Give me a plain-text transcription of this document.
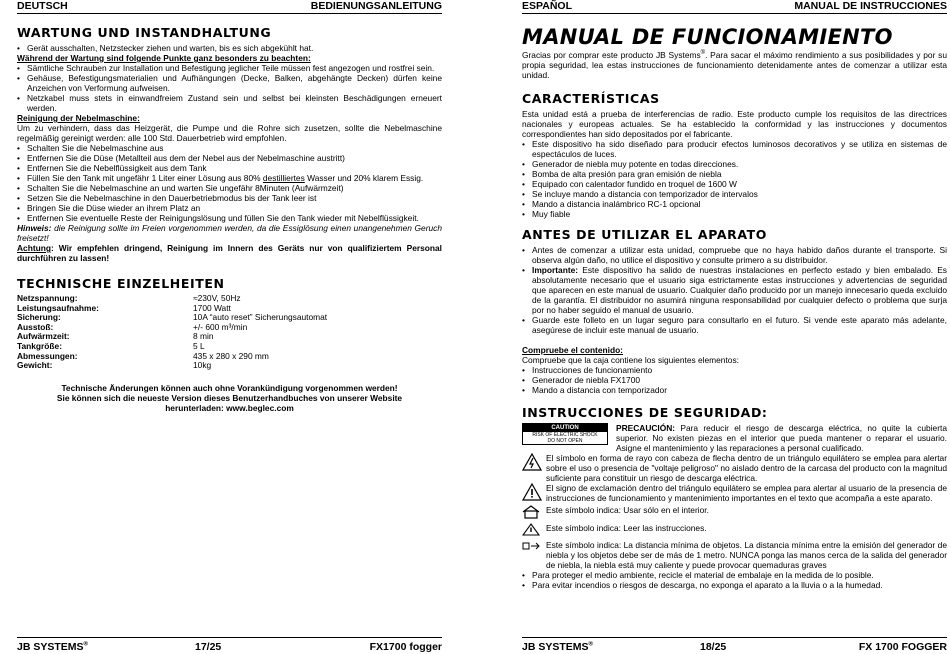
DEUTSCH	BEDIENUNGSANLEITUNG
WARTUNG UND INSTANDHALTUNG
• Gerät ausschalten, Netzstecker ziehen und warten, bis es sich abgekühlt hat.

Während der Wartung sind folgende Punkte ganz besonders zu beachten:

• Sämtliche Schrauben zur Installation und Befestigung jeglicher Teile müssen fest angezogen und rostfrei sein.
• Gehäuse, Befestigungsmaterialien und Aufhängungen (Decke, Balken, abgehängte Decken) dürfen keine Anzeichen von Verformung aufweisen.
• Netzkabel muss stets in einwandfreiem Zustand sein und selbst bei kleinsten Beschädigungen erneuert werden.

Reinigung der Nebelmaschine:

Um zu verhindern, dass das Heizgerät, die Pumpe und die Rohre sich zusetzen, sollte die Nebelmaschine regelmäßig gereinigt werden: alle 100 Std. Dauerbetrieb wird empfohlen.

• Schalten Sie die Nebelmaschine aus
• Entfernen Sie die Düse (Metallteil aus dem der Nebel aus der Nebelmaschine austritt)
• Entfernen Sie die Nebelflüssigkeit aus dem Tank
• Füllen Sie den Tank mit ungefähr 1 Liter einer Lösung aus 80% destilliertes Wasser und 20% klarem Essig.
• Schalten Sie die Nebelmaschine an und warten Sie ungefähr 8Minuten (Aufwärmzeit)
• Setzen Sie die Nebelmaschine in den Dauerbetriebmodus bis der Tank leer ist
• Bringen Sie die Düse wieder an ihrem Platz an
• Entfernen Sie eventuelle Reste der Reinigungslösung und füllen Sie den Tank wieder mit Nebelflüssigkeit.

Hinweis: die Reinigung sollte im Freien vorgenommen werden, da die Essiglösung einen unangenehmen Geruch freisetzt!

Achtung: Wir empfehlen dringend, Reinigung im Innern des Geräts nur von qualifiziertem Personal durchführen zu lassen!

TECHNISCHE EINZELHEITEN
Netzspannung:	≈230V, 50Hz
Leistungsaufnahme:	1700 Watt
Sicherung:	10A “auto reset” Sicherungsautomat
Ausstoß:	+/- 600 m³/min
Aufwärmzeit:	8 min
Tankgröße:	5 L
Abmessungen:	435 x 280 x 290 mm
Gewicht:	10kg
Technische Änderungen können auch ohne Vorankündigung vorgenommen werden!
Sie können sich die neueste Version dieses Benutzerhandbuches von unserer Website
herunterladen: www.beglec.com
JB SYSTEMS®	17/25	FX1700 fogger
ESPAÑOL	MANUAL DE INSTRUCCIONES
MANUAL DE FUNCIONAMIENTO

Gracias por comprar este producto JB Systems®. Para sacar el máximo rendimiento a sus posibilidades y por su propia seguridad, lea estas instrucciones de funcionamiento detenidamente antes de comenzar a utilizar esta unidad.

CARACTERÍSTICAS

Esta unidad está a prueba de interferencias de radio. Este producto cumple los requisitos de las directrices nacionales y europeas actuales. Se ha establecido la conformidad y las instrucciones y documentos correspondientes han sido depositados por el fabricante.

• Este dispositivo ha sido diseñado para producir efectos luminosos decorativos y se utiliza en sistemas de espectáculos de luces.
• Generador de niebla muy potente en todas direcciones.
• Bomba de alta presión para gran emisión de niebla
• Equipado con calentador fundido en troquel de 1600 W
• Se incluye mando a distancia con temporizador de intervalos
• Mando a distancia inalámbrico RC-1 opcional
• Muy fiable
ANTES DE UTILIZAR EL APARATO
• Antes de comenzar a utilizar esta unidad, compruebe que no haya habido daños durante el transporte. Si observa algún daño, no utilice el dispositivo y consulte primero a su distribuidor.
• Importante: Este dispositivo ha salido de nuestras instalaciones en perfecto estado y bien embalado. Es absolutamente necesario que el usuario siga estrictamente estas instrucciones y advertencias de seguridad que aparecen en este manual de usuario. Cualquier daño producido por un manejo innecesario queda excluido de la garantía. El distribuidor no asumirá ninguna responsabilidad por cualquier defecto o problema que surja por no haber seguido el manual de usuario.
• Guarde este folleto en un lugar seguro para consultarlo en el futuro. Si vende este aparato más adelante, asegúrese de incluir este manual de usuario.

Compruebe el contenido:

Compruebe que la caja contiene los siguientes elementos:

• Instrucciones de funcionamiento
• Generador de niebla FX1700
• Mando a distancia con temporizador
INSTRUCCIONES DE SEGURIDAD:
CAUTION
RISK OF ELECTRIC SHOCK
DO NOT OPEN
PRECAUCIÓN: Para reducir el riesgo de descarga eléctrica, no quite la cubierta superior. No existen piezas en el interior que pueda mantener o reparar el usuario. Asigne el mantenimiento y las reparaciones a personal cualificado.
El símbolo en forma de rayo con cabeza de flecha dentro de un triángulo equilátero se emplea para alertar sobre el uso o presencia de "voltaje peligroso" no aislado dentro de la carcasa del producto con la magnitud suficiente para constituir un riesgo de descarga eléctrica.
El signo de exclamación dentro del triángulo equilátero se emplea para alertar al usuario de la presencia de instrucciones de funcionamiento y mantenimiento importantes en el texto que acompaña a este aparato.
Este símbolo indica: Usar sólo en el interior.
Este símbolo indica: Leer las instrucciones.
Este símbolo indica: La distancia mínima de objetos. La distancia mínima entre la emisión del generador de niebla y los objetos debe ser de más de 1 metro. NUNCA ponga las manos cerca de la salida del generador de niebla, la niebla está muy caliente y puede provocar quemaduras graves
• Para proteger el medio ambiente, recicle el material de embalaje en la medida de lo posible.
• Para evitar incendios o riesgos de descarga, no exponga el aparato a la lluvia o a la humedad.
JB SYSTEMS®	18/25	FX 1700 FOGGER
